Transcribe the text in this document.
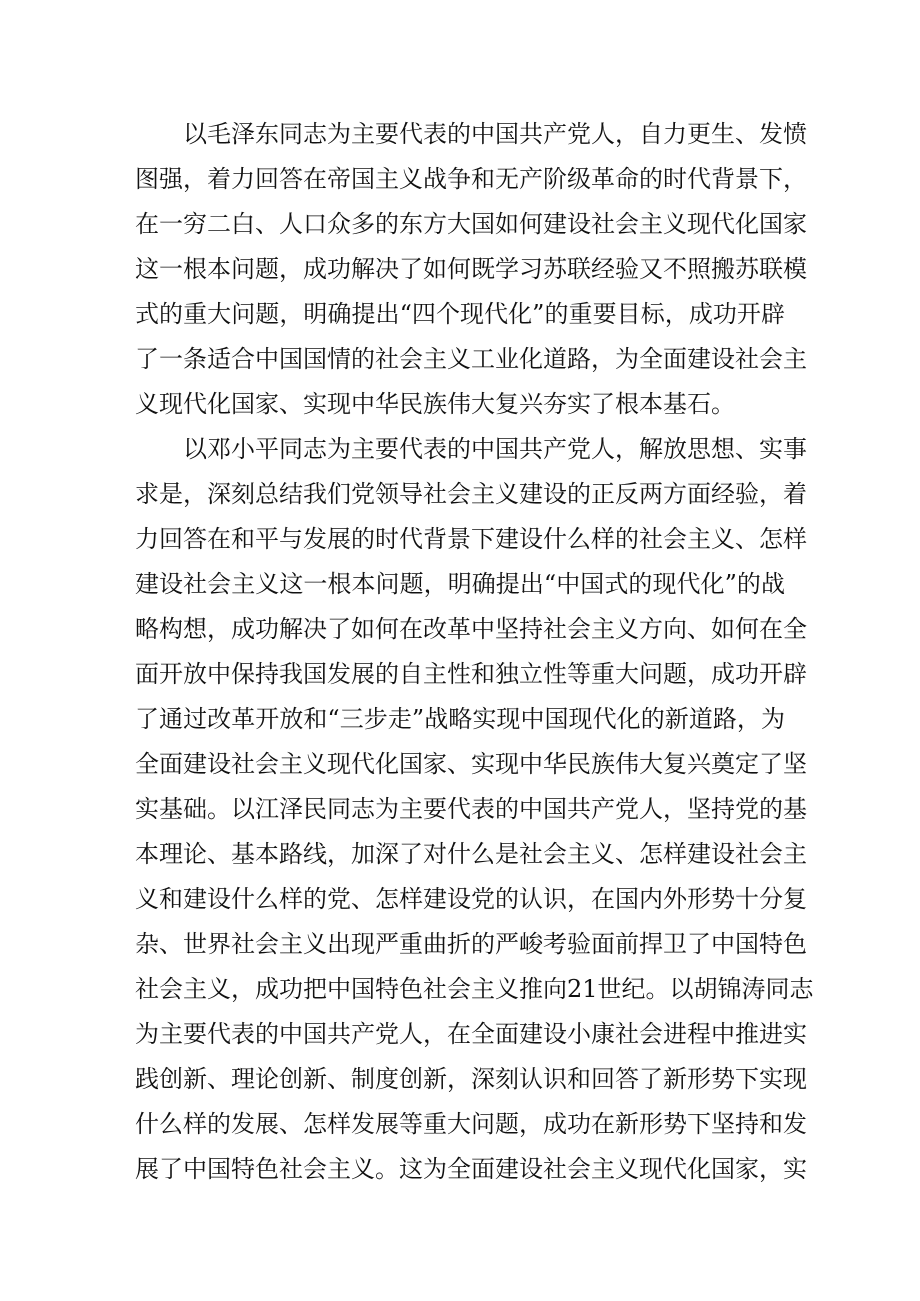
以毛泽东同志为主要代表的中国共产党人，自力更生、发愤
图强，着力回答在帝国主义战争和无产阶级革命的时代背景下，
在一穷二白、人口众多的东方大国如何建设社会主义现代化国家
这一根本问题，成功解决了如何既学习苏联经验又不照搬苏联模
式的重大问题，明确提出“四个现代化”的重要目标，成功开辟
了一条适合中国国情的社会主义工业化道路，为全面建设社会主
义现代化国家、实现中华民族伟大复兴夯实了根本基石。
以邓小平同志为主要代表的中国共产党人，解放思想、实事
求是，深刻总结我们党领导社会主义建设的正反两方面经验，着
力回答在和平与发展的时代背景下建设什么样的社会主义、怎样
建设社会主义这一根本问题，明确提出“中国式的现代化”的战
略构想，成功解决了如何在改革中坚持社会主义方向、如何在全
面开放中保持我国发展的自主性和独立性等重大问题，成功开辟
了通过改革开放和“三步走”战略实现中国现代化的新道路，为
全面建设社会主义现代化国家、实现中华民族伟大复兴奠定了坚
实基础。以江泽民同志为主要代表的中国共产党人，坚持党的基
本理论、基本路线，加深了对什么是社会主义、怎样建设社会主
义和建设什么样的党、怎样建设党的认识，在国内外形势十分复
杂、世界社会主义出现严重曲折的严峻考验面前捍卫了中国特色
社会主义，成功把中国特色社会主义推向21世纪。以胡锦涛同志
为主要代表的中国共产党人，在全面建设小康社会进程中推进实
践创新、理论创新、制度创新，深刻认识和回答了新形势下实现
什么样的发展、怎样发展等重大问题，成功在新形势下坚持和发
展了中国特色社会主义。这为全面建设社会主义现代化国家，实
